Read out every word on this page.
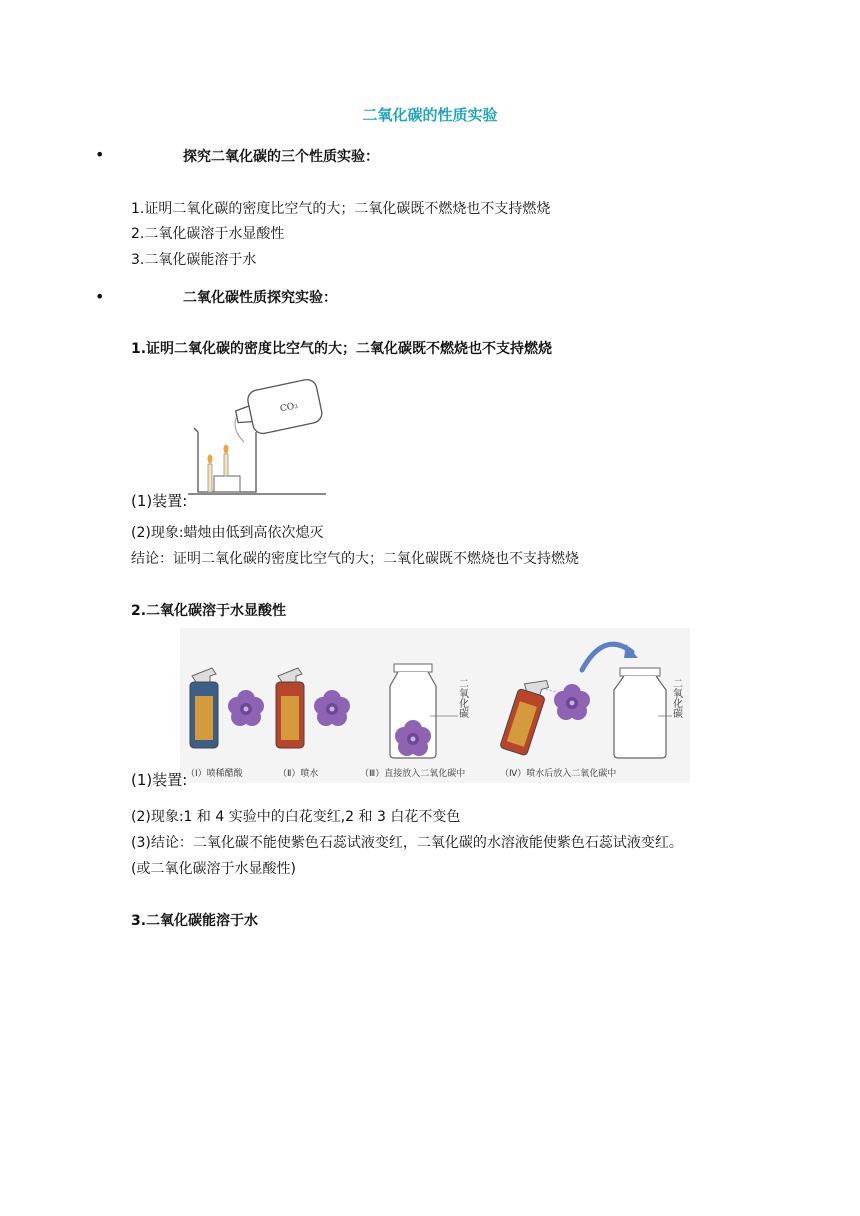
二氧化碳的性质实验
•	探究二氧化碳的三个性质实验：
1.证明二氧化碳的密度比空气的大；二氧化碳既不燃烧也不支持燃烧
2.二氧化碳溶于水显酸性
3.二氧化碳能溶于水
•	二氧化碳性质探究实验：
1.证明二氧化碳的密度比空气的大；二氧化碳既不燃烧也不支持燃烧
CO₂
(1)装置:
(2)现象:蜡烛由低到高依次熄灭
结论：证明二氧化碳的密度比空气的大；二氧化碳既不燃烧也不支持燃烧
2.二氧化碳溶于水显酸性
二氧化碳	二氧化碳
（Ⅰ）喷稀醋酸	（Ⅱ）喷水	（Ⅲ）直接放入二氧化碳中	（Ⅳ）喷水后放入二氧化碳中
(1)装置:
(2)现象:1 和 4 实验中的白花变红,2 和 3 白花不变色
(3)结论：二氧化碳不能使紫色石蕊试液变红，二氧化碳的水溶液能使紫色石蕊试液变红。
(或二氧化碳溶于水显酸性)
3.二氧化碳能溶于水
